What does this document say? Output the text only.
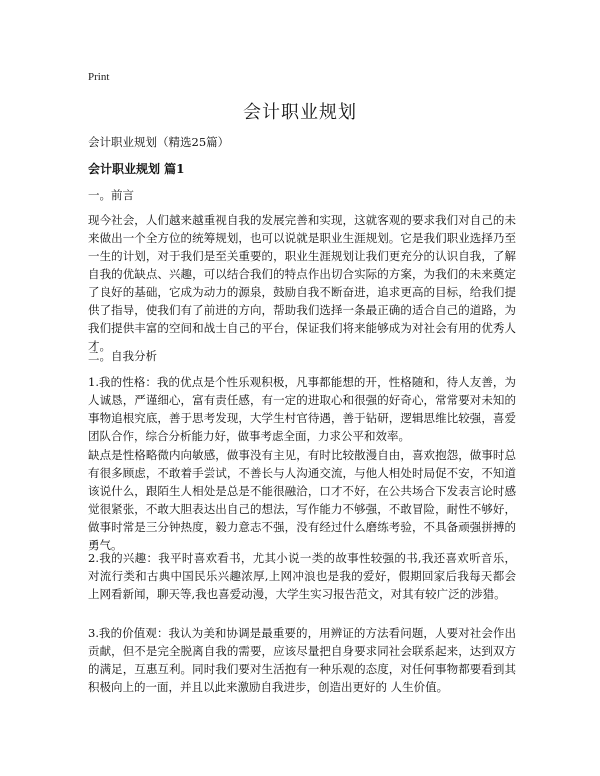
Print
会计职业规划
会计职业规划（精选25篇）
会计职业规划 篇1
一。前言

现今社会，人们越来越重视自我的发展完善和实现，这就客观的要求我们对自己的未来做出一个全方位的统筹规划，也可以说就是职业生涯规划。它是我们职业选择乃至一生的计划，对于我们是至关重要的，职业生涯规划让我们更充分的认识自我，了解自我的优缺点、兴趣，可以结合我们的特点作出切合实际的方案，为我们的未来奠定了良好的基础，它成为动力的源泉，鼓励自我不断奋进，追求更高的目标，给我们提供了指导，使我们有了前进的方向，帮助我们选择一条最正确的适合自己的道路，为我们提供丰富的空间和战士自己的平台，保证我们将来能够成为对社会有用的优秀人才。

二。自我分析

1.我的性格：我的优点是个性乐观积极，凡事都能想的开，性格随和，待人友善，为人诚恳，严谨细心，富有责任感，有一定的进取心和很强的好奇心，常常要对未知的事物追根究底，善于思考发现，大学生村官待遇，善于钻研，逻辑思维比较强，喜爱团队合作，综合分析能力好，做事考虑全面，力求公平和效率。

缺点是性格略微内向敏感，做事没有主见，有时比较散漫自由，喜欢抱怨，做事时总有很多顾虑，不敢着手尝试，不善长与人沟通交流，与他人相处时局促不安，不知道该说什么，跟陌生人相处是总是不能很融洽，口才不好，在公共场合下发表言论时感觉很紧张，不敢大胆表达出自己的想法，写作能力不够强，不敢冒险，耐性不够好，做事时常是三分钟热度，毅力意志不强，没有经过什么磨练考验，不具备顽强拼搏的勇气。

2.我的兴趣：我平时喜欢看书，尤其小说一类的故事性较强的书,我还喜欢听音乐，对流行类和古典中国民乐兴趣浓厚,上网冲浪也是我的爱好，假期回家后我每天都会上网看新闻，聊天等,我也喜爱动漫，大学生实习报告范文，对其有较广泛的涉猎。

3.我的价值观：我认为美和协调是最重要的，用辨证的方法看问题，人要对社会作出贡献，但不是完全脱离自我的需要，应该尽量把自身要求同社会联系起来，达到双方的满足，互惠互利。同时我们要对生活抱有一种乐观的态度，对任何事物都要看到其积极向上的一面，并且以此来激励自我进步，创造出更好的 人生价值。
